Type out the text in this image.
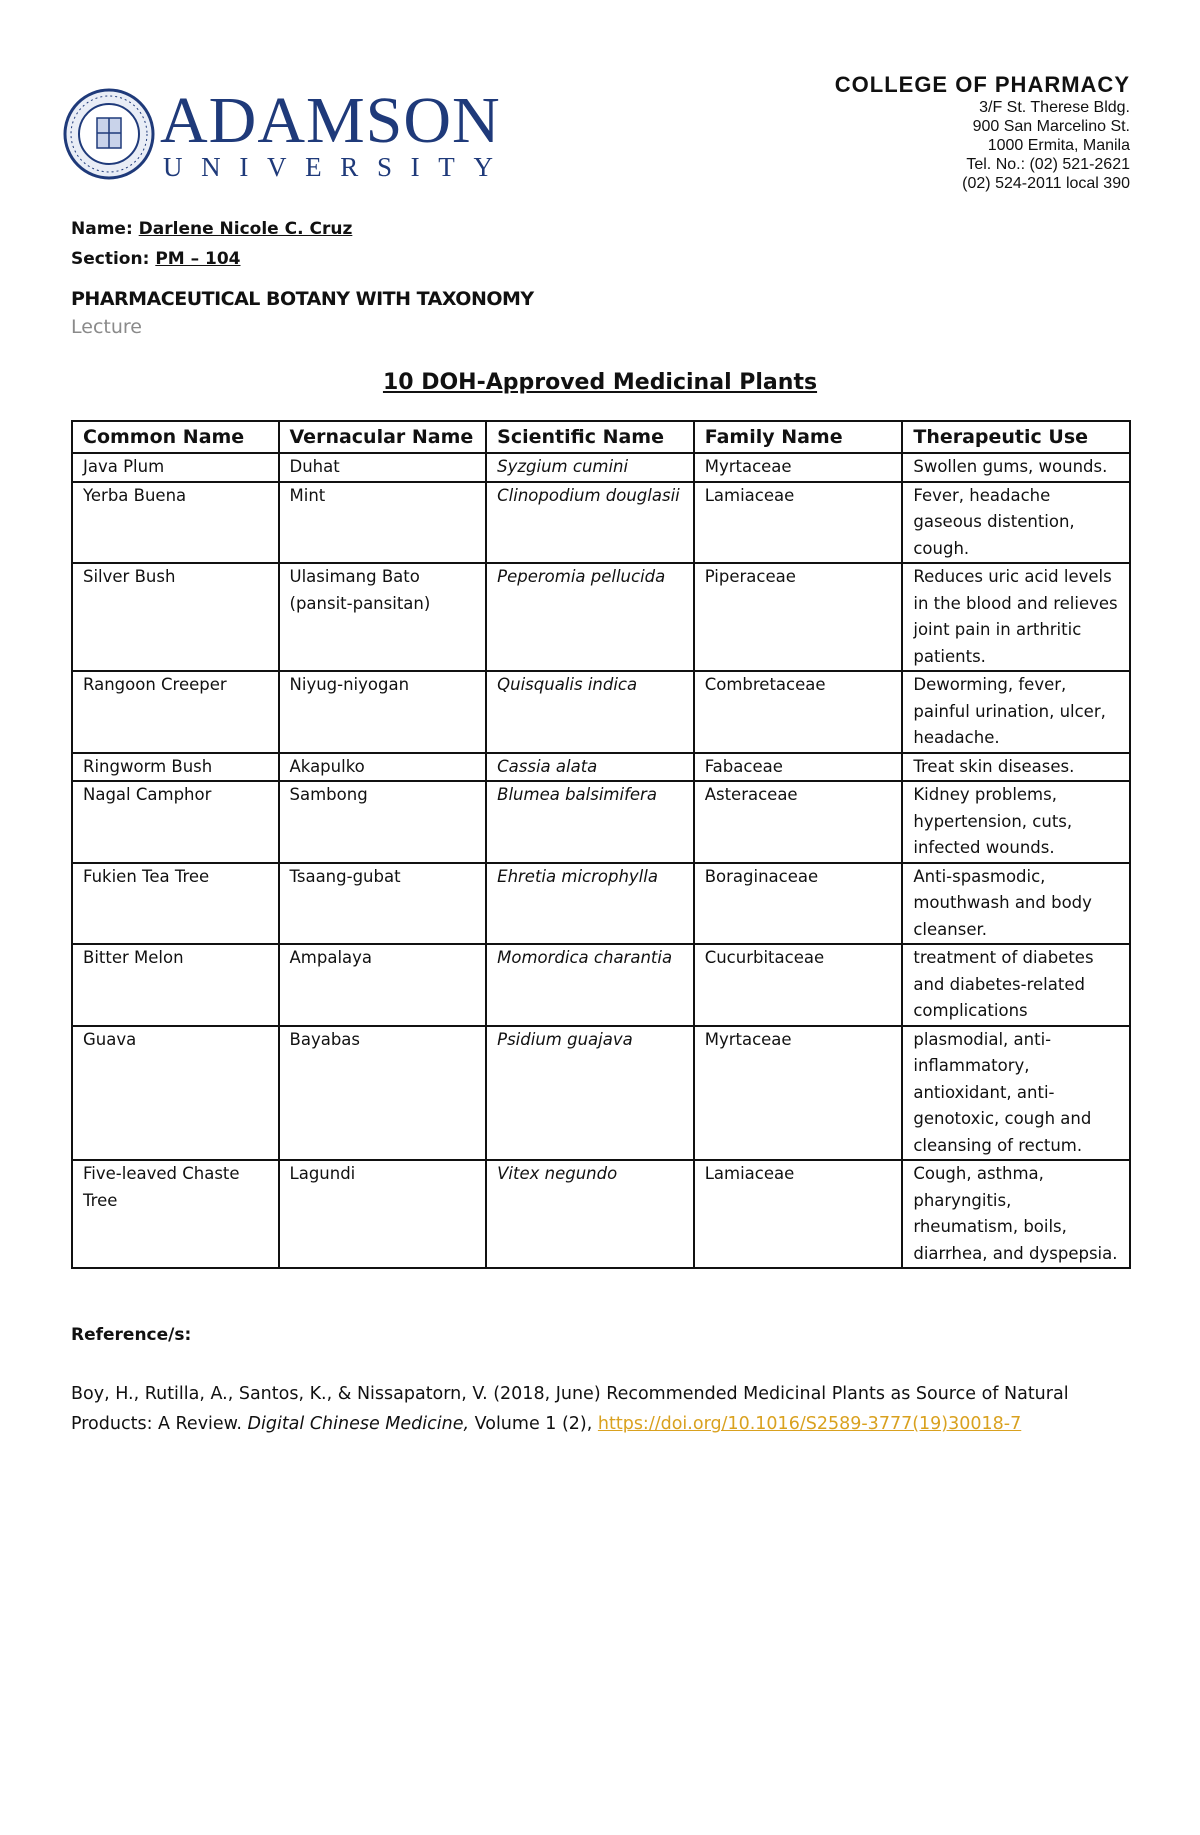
ADAMSON
U N I V E R S I T Y
COLLEGE OF PHARMACY
3/F St. Therese Bldg.
900 San Marcelino St.
1000 Ermita, Manila
Tel. No.: (02) 521-2621
(02) 524-2011 local 390
Name: Darlene Nicole C. Cruz
Section: PM – 104
PHARMACEUTICAL BOTANY WITH TAXONOMY
Lecture
10 DOH-Approved Medicinal Plants
Common Name	Vernacular Name	Scientific Name	Family Name	Therapeutic Use
Java Plum	Duhat	Syzgium cumini	Myrtaceae	Swollen gums, wounds.
Yerba Buena	Mint	Clinopodium douglasii	Lamiaceae	Fever, headache gaseous distention, cough.
Silver Bush	Ulasimang Bato (pansit-pansitan)	Peperomia pellucida	Piperaceae	Reduces uric acid levels in the blood and relieves joint pain in arthritic patients.
Rangoon Creeper	Niyug-niyogan	Quisqualis indica	Combretaceae	Deworming, fever, painful urination, ulcer, headache.
Ringworm Bush	Akapulko	Cassia alata	Fabaceae	Treat skin diseases.
Nagal Camphor	Sambong	Blumea balsimifera	Asteraceae	Kidney problems, hypertension, cuts, infected wounds.
Fukien Tea Tree	Tsaang-gubat	Ehretia microphylla	Boraginaceae	Anti-spasmodic, mouthwash and body cleanser.
Bitter Melon	Ampalaya	Momordica charantia	Cucurbitaceae	treatment of diabetes and diabetes-related complications
Guava	Bayabas	Psidium guajava	Myrtaceae	plasmodial, anti-inflammatory, antioxidant, anti-genotoxic, cough and cleansing of rectum.
Five-leaved Chaste Tree	Lagundi	Vitex negundo	Lamiaceae	Cough, asthma, pharyngitis, rheumatism, boils, diarrhea, and dyspepsia.
Reference/s:
Boy, H., Rutilla, A., Santos, K., & Nissapatorn, V. (2018, June) Recommended Medicinal Plants as Source of Natural Products: A Review. Digital Chinese Medicine, Volume 1 (2), https://doi.org/10.1016/S2589-3777(19)30018-7
